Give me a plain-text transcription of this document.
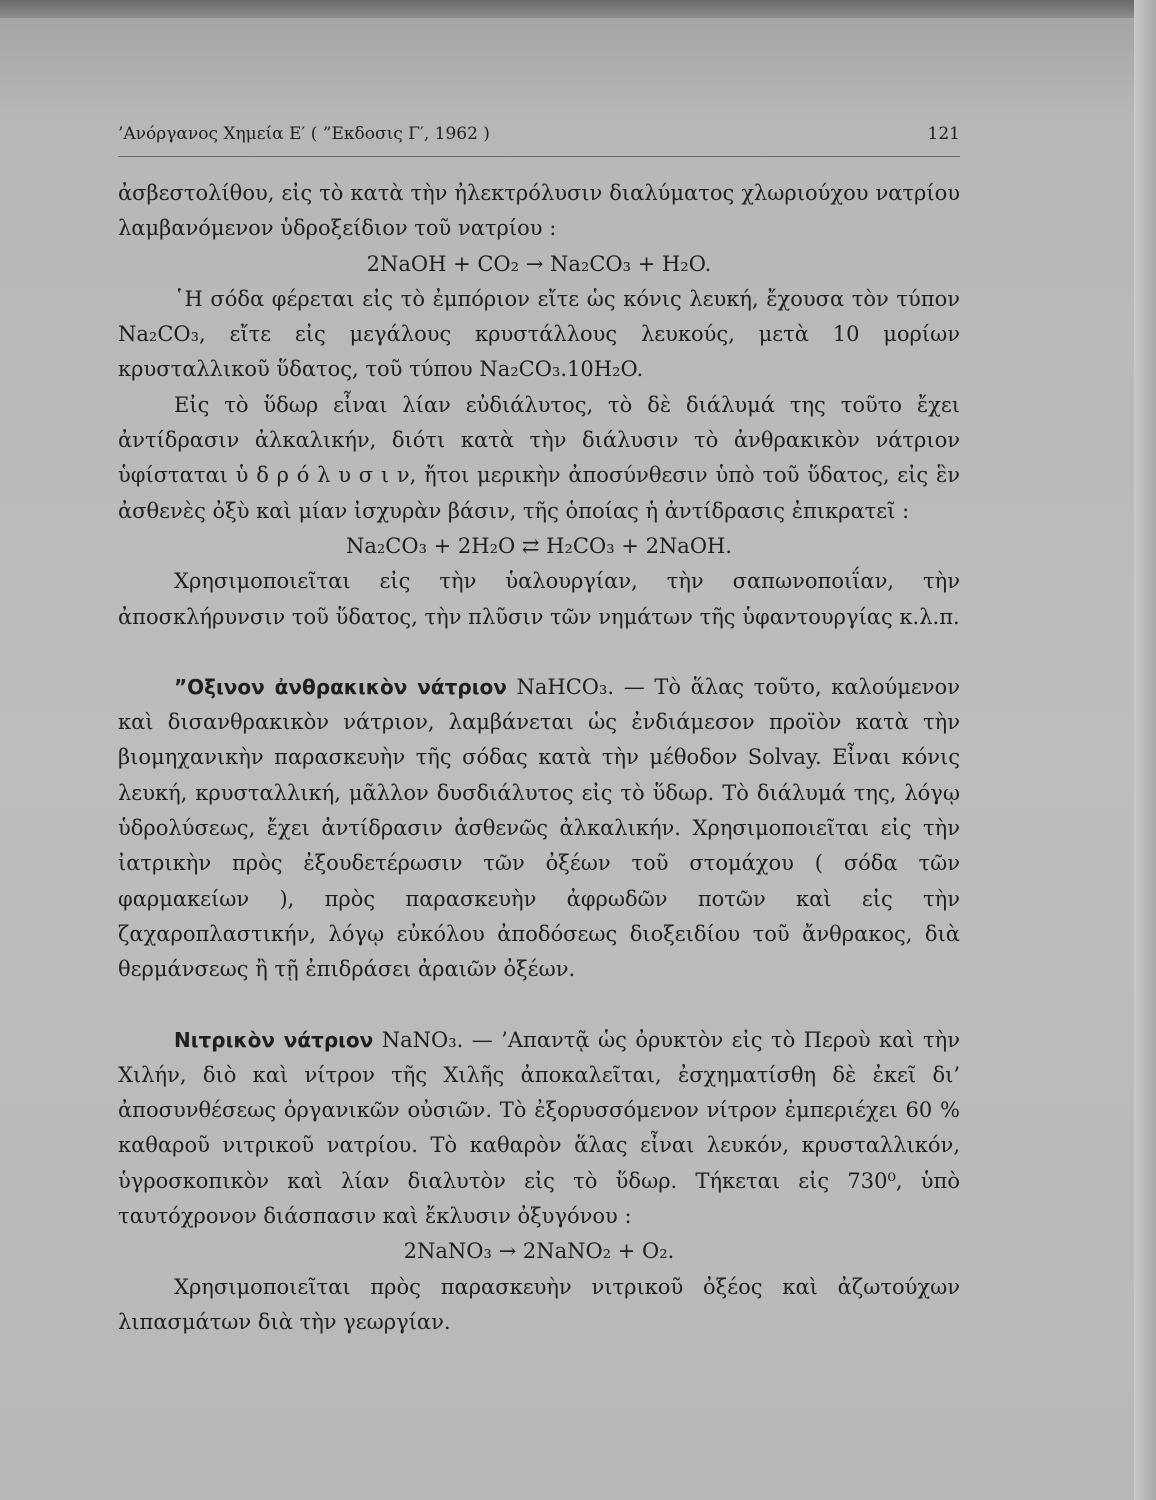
’Ανόργανος Χημεία Ε′ ( ”Εκδοσις Γ′, 1962 )	121

ἀσβεστολίθου, εἰς τὸ κατὰ τὴν ἠλεκτρόλυσιν διαλύματος χλωριούχου νατρίου λαμβανόμενον ὑδροξείδιον τοῦ νατρίου :

2NaOH + CO₂ → Na₂CO₃ + H₂O.

῾Η σόδα φέρεται εἰς τὸ ἐμπόριον εἴτε ὡς κόνις λευκή, ἔχουσα τὸν τύπον Na₂CO₃, εἴτε εἰς μεγάλους κρυστάλλους λευκούς, μετὰ 10 μορίων κρυσταλλικοῦ ὕδατος, τοῦ τύπου Na₂CO₃.10H₂O.

Εἰς τὸ ὕδωρ εἶναι λίαν εὐδιάλυτος, τὸ δὲ διάλυμά της τοῦτο ἔχει ἀντίδρασιν ἀλκαλικήν, διότι κατὰ τὴν διάλυσιν τὸ ἀνθρακικὸν νάτριον ὑφίσταται ὑ δ ρ ό λ υ σ ι ν, ἤτοι μερικὴν ἀποσύνθεσιν ὑπὸ τοῦ ὕδατος, εἰς ἓν ἀσθενὲς ὀξὺ καὶ μίαν ἰσχυρὰν βάσιν, τῆς ὁποίας ἡ ἀντίδρασις ἐπικρατεῖ :

Na₂CO₃ + 2H₂O ⇄ H₂CO₃ + 2NaOH.

Χρησιμοποιεῖται εἰς τὴν ὑαλουργίαν, τὴν σαπωνοποιΐαν, τὴν ἀποσκλήρυνσιν τοῦ ὕδατος, τὴν πλῦσιν τῶν νημάτων τῆς ὑφαντουργίας κ.λ.π.

”Οξινον ἀνθρακικὸν νάτριον NaHCO₃. — Τὸ ἅλας τοῦτο, καλούμενον καὶ δισανθρακικὸν νάτριον, λαμβάνεται ὡς ἐνδιάμεσον προϊὸν κατὰ τὴν βιομηχανικὴν παρασκευὴν τῆς σόδας κατὰ τὴν μέθοδον Solvay. Εἶναι κόνις λευκή, κρυσταλλική, μᾶλλον δυσδιάλυτος εἰς τὸ ὕδωρ. Τὸ διάλυμά της, λόγῳ ὑδρολύσεως, ἔχει ἀντίδρασιν ἀσθενῶς ἀλκαλικήν. Χρησιμοποιεῖται εἰς τὴν ἰατρικὴν πρὸς ἐξουδετέρωσιν τῶν ὀξέων τοῦ στομάχου ( σόδα τῶν φαρμακείων ), πρὸς παρασκευὴν ἀφρωδῶν ποτῶν καὶ εἰς τὴν ζαχαροπλαστικήν, λόγῳ εὐκόλου ἀποδόσεως διοξειδίου τοῦ ἄνθρακος, διὰ θερμάνσεως ἢ τῇ ἐπιδράσει ἀραιῶν ὀξέων.

Νιτρικὸν νάτριον NaNO₃. — ’Απαντᾷ ὡς ὀρυκτὸν εἰς τὸ Περοὺ καὶ τὴν Χιλήν, διὸ καὶ νίτρον τῆς Χιλῆς ἀποκαλεῖται, ἐσχηματίσθη δὲ ἐκεῖ δι’ ἀποσυνθέσεως ὀργανικῶν οὐσιῶν. Τὸ ἐξορυσσόμενον νίτρον ἐμπεριέχει 60 % καθαροῦ νιτρικοῦ νατρίου. Τὸ καθαρὸν ἅλας εἶναι λευκόν, κρυσταλλικόν, ὑγροσκοπικὸν καὶ λίαν διαλυτὸν εἰς τὸ ὕδωρ. Τήκεται εἰς 730⁰, ὑπὸ ταυτόχρονον διάσπασιν καὶ ἔκλυσιν ὀξυγόνου :

2NaNO₃ → 2NaNO₂ + O₂.

Χρησιμοποιεῖται πρὸς παρασκευὴν νιτρικοῦ ὀξέος καὶ ἀζωτούχων λιπασμάτων διὰ τὴν γεωργίαν.
